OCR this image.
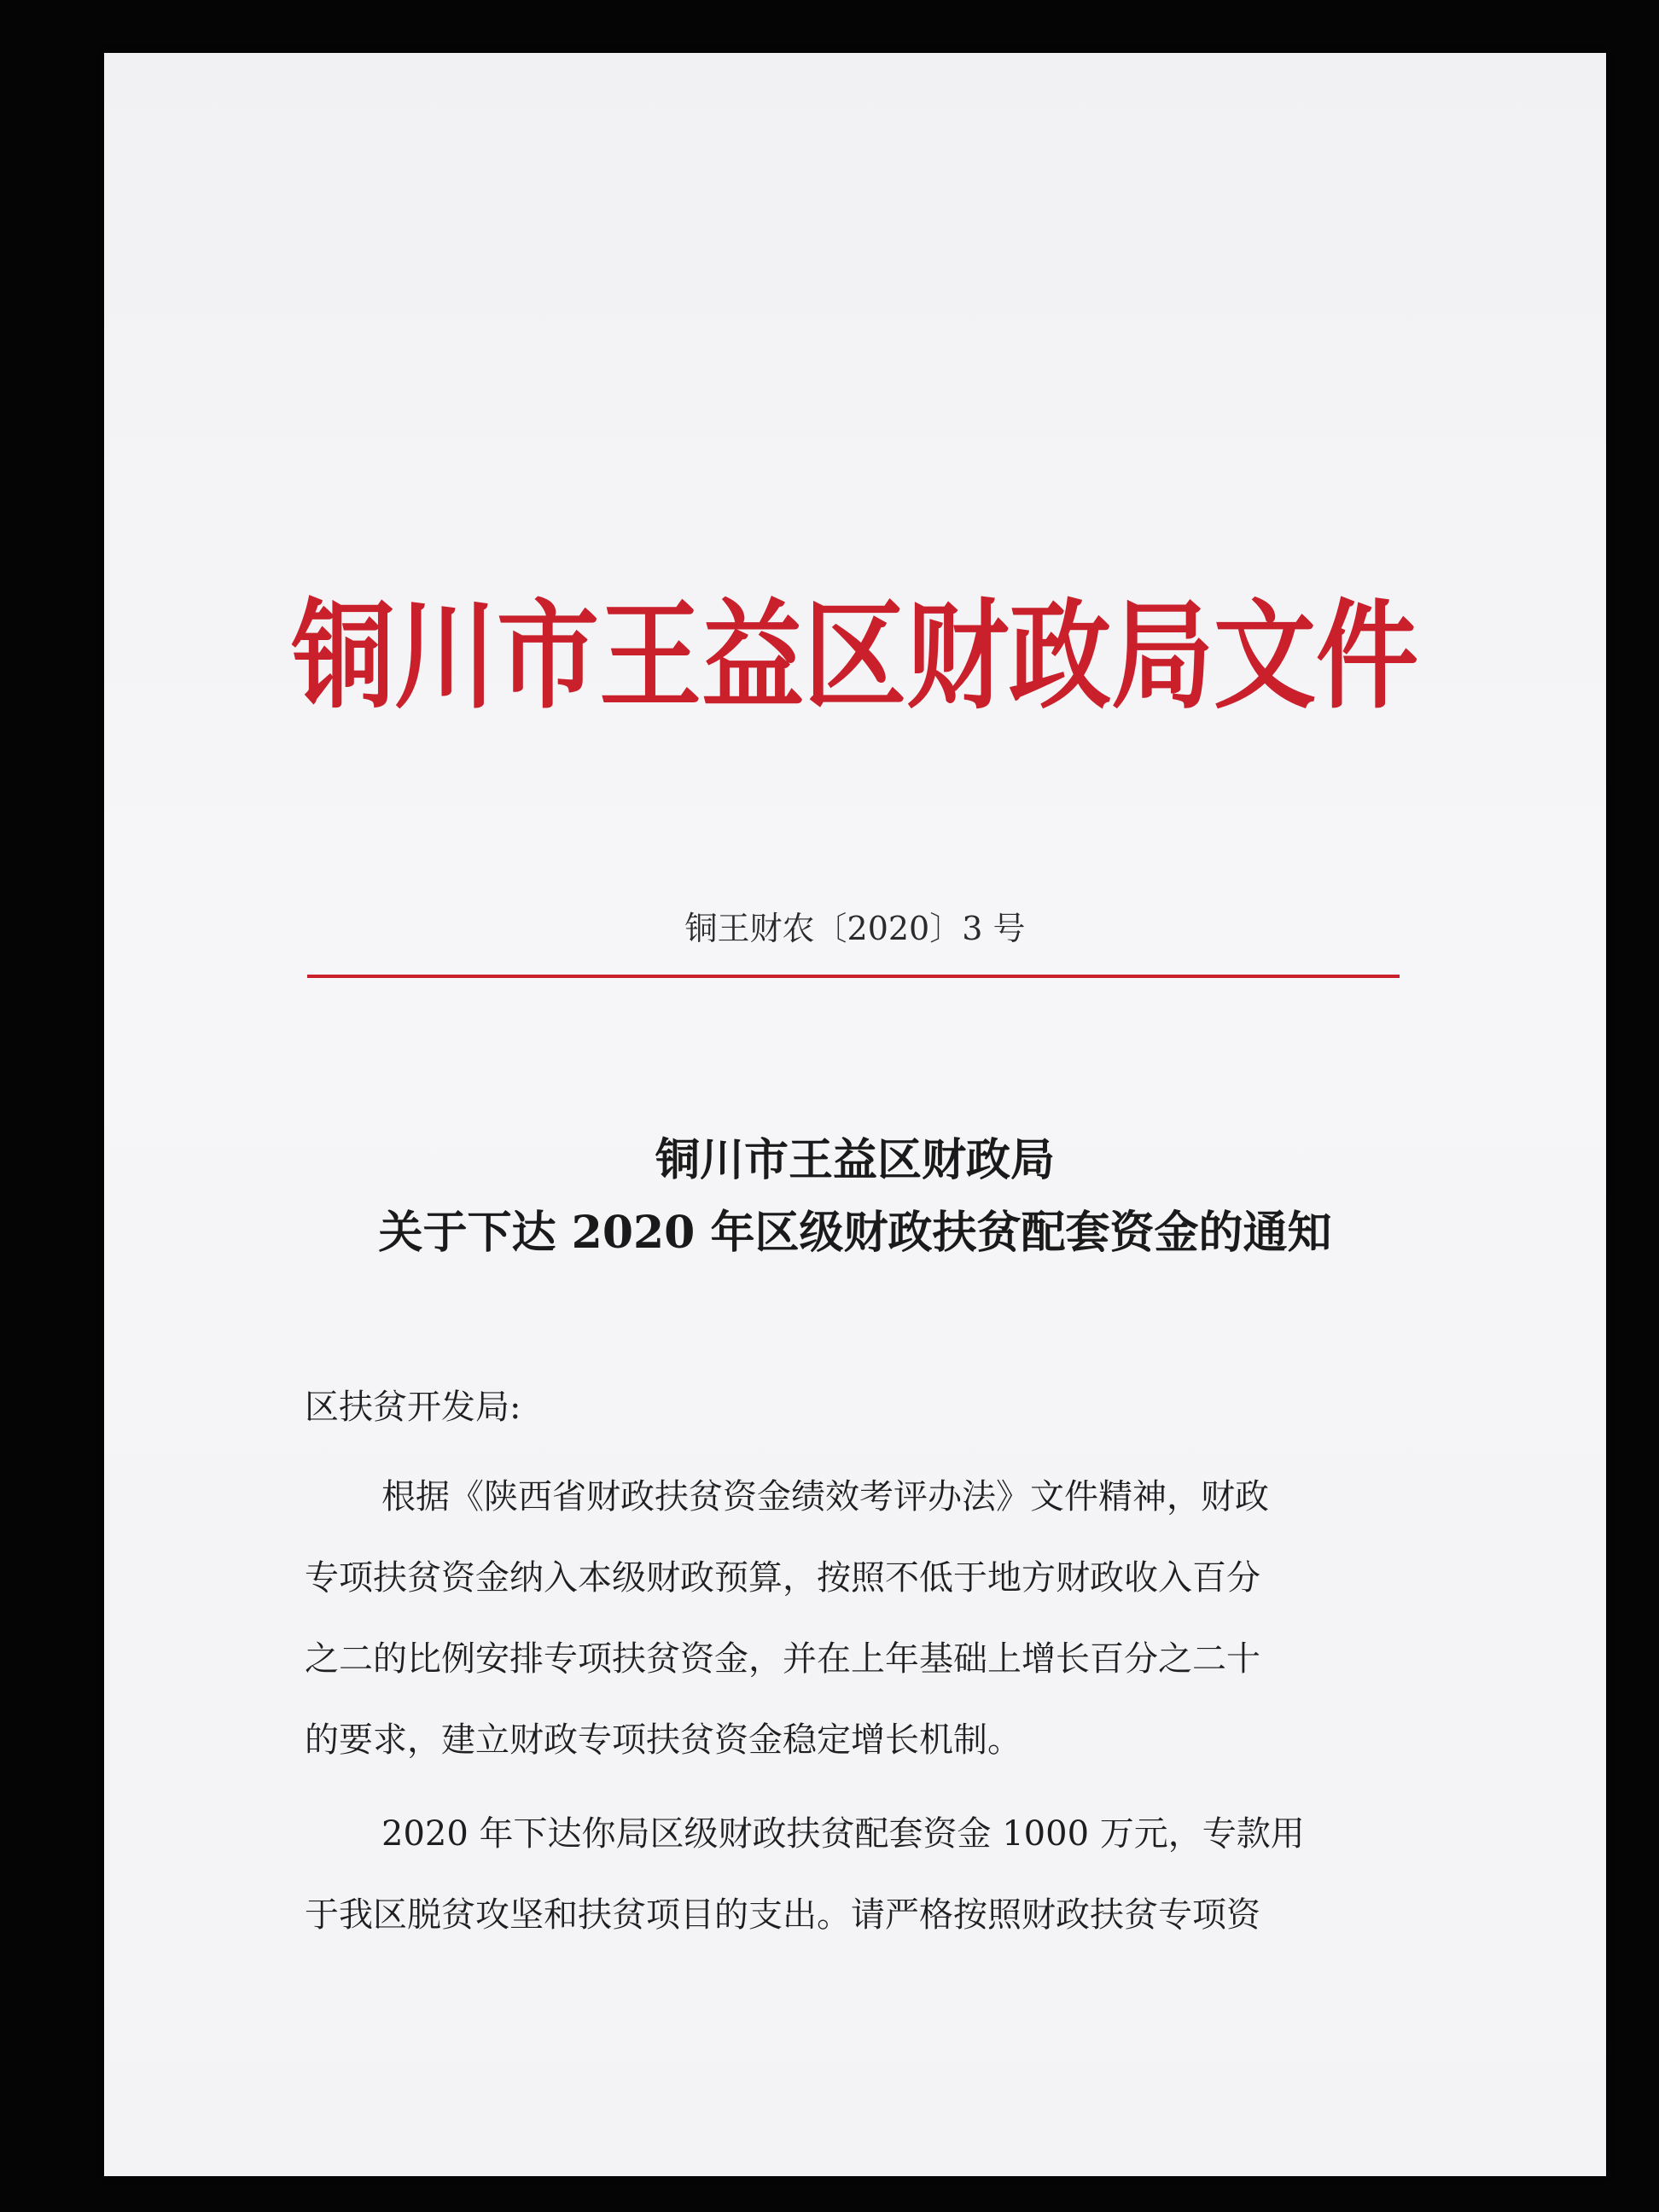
铜川市王益区财政局文件
铜王财农〔2020〕3 号
铜川市王益区财政局
关于下达 2020 年区级财政扶贫配套资金的通知
区扶贫开发局:
根据《陕西省财政扶贫资金绩效考评办法》文件精神，财政
专项扶贫资金纳入本级财政预算，按照不低于地方财政收入百分
之二的比例安排专项扶贫资金，并在上年基础上增长百分之二十
的要求，建立财政专项扶贫资金稳定增长机制。
2020 年下达你局区级财政扶贫配套资金 1000 万元，专款用
于我区脱贫攻坚和扶贫项目的支出。请严格按照财政扶贫专项资
